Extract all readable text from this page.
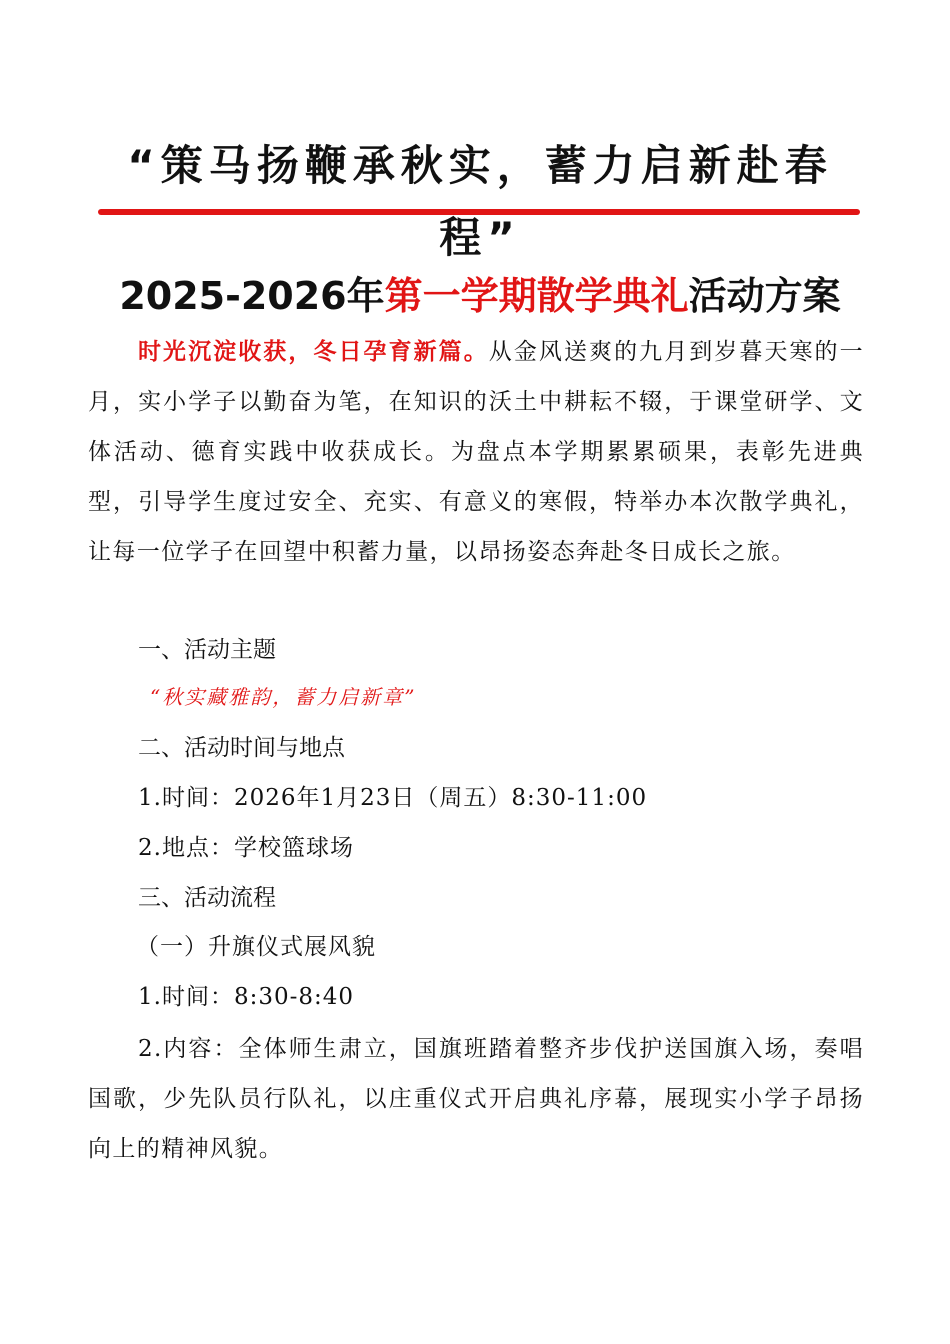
“策马扬鞭承秋实，蓄力启新赴春
程”
2025-2026年第一学期散学典礼活动方案

时光沉淀收获，冬日孕育新篇。从金风送爽的九月到岁暮天寒的一月，实小学子以勤奋为笔，在知识的沃土中耕耘不辍，于课堂研学、文体活动、德育实践中收获成长。为盘点本学期累累硕果，表彰先进典型，引导学生度过安全、充实、有意义的寒假，特举办本次散学典礼，让每一位学子在回望中积蓄力量，以昂扬姿态奔赴冬日成长之旅。

一、活动主题
“秋实藏雅韵，蓄力启新章”
二、活动时间与地点
1.时间：2026年1月23日（周五）8:30-11:00
2.地点：学校篮球场
三、活动流程
（一）升旗仪式展风貌
1.时间：8:30-8:40

2.内容：全体师生肃立，国旗班踏着整齐步伐护送国旗入场，奏唱国歌，少先队员行队礼，以庄重仪式开启典礼序幕，展现实小学子昂扬向上的精神风貌。
